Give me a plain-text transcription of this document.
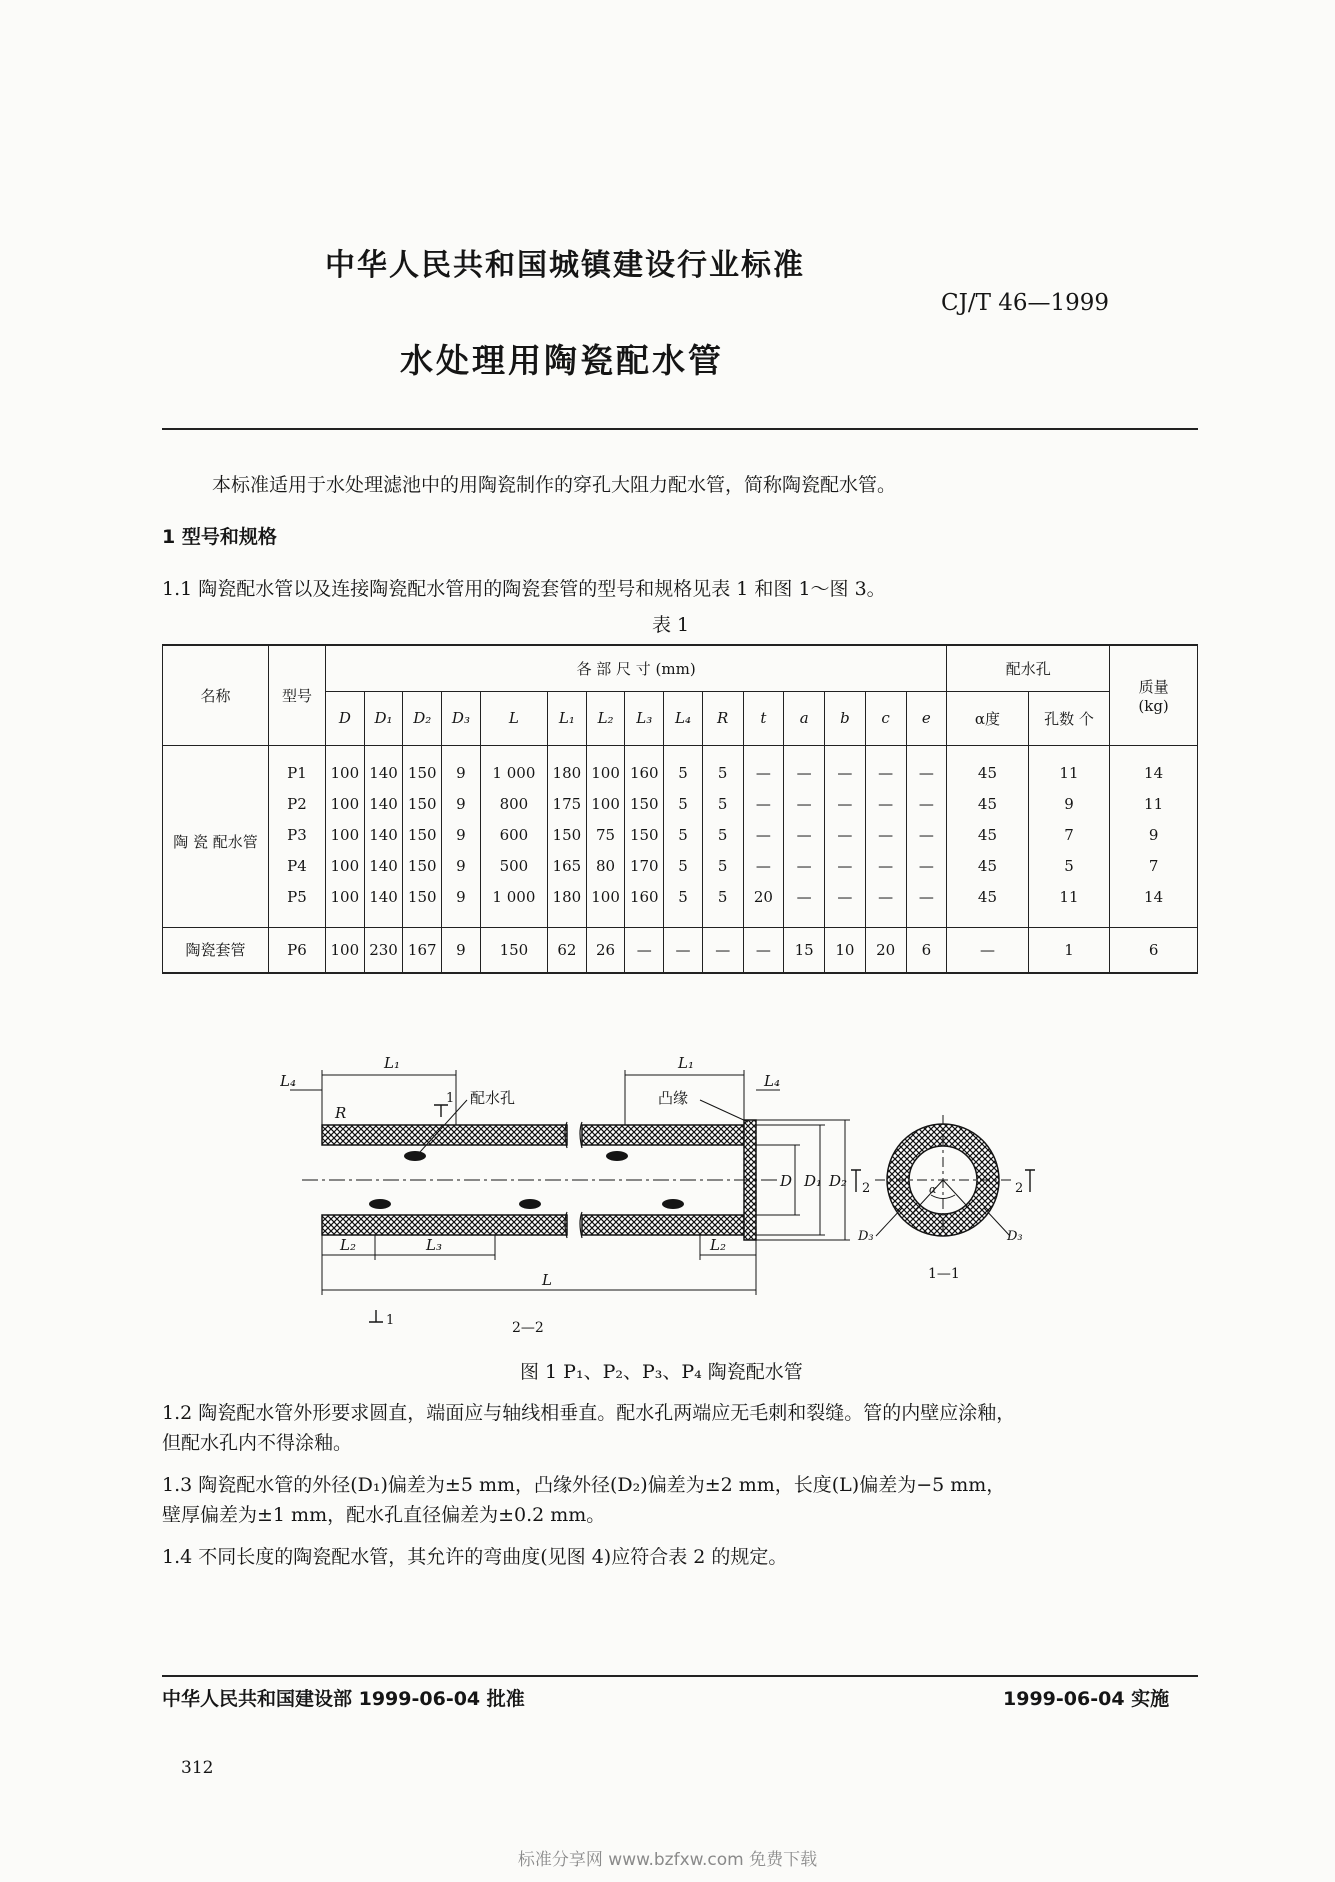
中华人民共和国城镇建设行业标准
CJ/T 46—1999
水处理用陶瓷配水管
本标准适用于水处理滤池中的用陶瓷制作的穿孔大阻力配水管，简称陶瓷配水管。
1 型号和规格
1.1 陶瓷配水管以及连接陶瓷配水管用的陶瓷套管的型号和规格见表 1 和图 1～图 3。
表 1
名称	型号	各 部 尺 寸 (mm)															配水孔		质量
(kg)

		D	D₁	D₂	D₃	L	L₁	L₂	L₃	L₄	R	t	a	b	c	e	α度	孔数 个	
陶 瓷 配水管	P1	100	140	150	9	1 000	180	100	160	5	5	—	—	—	—	—	45	11	14
	P2	100	140	150	9	800	175	100	150	5	5	—	—	—	—	—	45	9	11
	P3	100	140	150	9	600	150	75	150	5	5	—	—	—	—	—	45	7	9
	P4	100	140	150	9	500	165	80	170	5	5	—	—	—	—	—	45	5	7
	P5	100	140	150	9	1 000	180	100	160	5	5	20	—	—	—	—	45	11	14
陶瓷套管	P6	100	230	167	9	150	62	26	—	—	—	—	15	10	20	6	—	1	6
L₁
L₄
R
L₁
L₄
1 配水孔	凸缘
D D₁ D₂
L₂	L₃	L₂
L
1	2—2
α
D₃	D₃
2	2
1—1
图 1 P₁、P₂、P₃、P₄ 陶瓷配水管
1.2 陶瓷配水管外形要求圆直，端面应与轴线相垂直。配水孔两端应无毛刺和裂缝。管的内壁应涂釉，
但配水孔内不得涂釉。
1.3 陶瓷配水管的外径(D₁)偏差为±5 mm，凸缘外径(D₂)偏差为±2 mm，长度(L)偏差为−5 mm，
壁厚偏差为±1 mm，配水孔直径偏差为±0.2 mm。
1.4 不同长度的陶瓷配水管，其允许的弯曲度(见图 4)应符合表 2 的规定。
中华人民共和国建设部 1999-06-04 批准	1999-06-04 实施
312
标准分享网 www.bzfxw.com 免费下载
